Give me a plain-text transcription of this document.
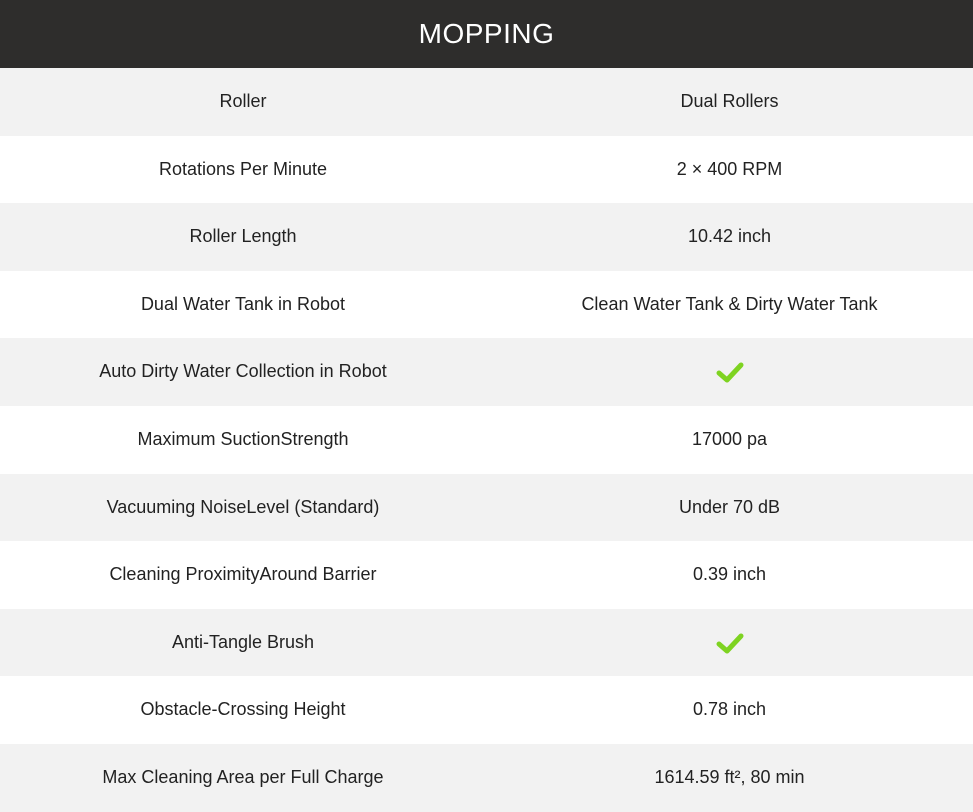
MOPPING
Roller	Dual Rollers
Rotations Per Minute	2 × 400 RPM
Roller Length	10.42 inch
Dual Water Tank in Robot	Clean Water Tank & Dirty Water Tank
Auto Dirty Water Collection in Robot
Maximum SuctionStrength	17000 pa
Vacuuming NoiseLevel (Standard)	Under 70 dB
Cleaning ProximityAround Barrier	0.39 inch
Anti-Tangle Brush
Obstacle-Crossing Height	0.78 inch
Max Cleaning Area per Full Charge	1614.59 ft², 80 min
